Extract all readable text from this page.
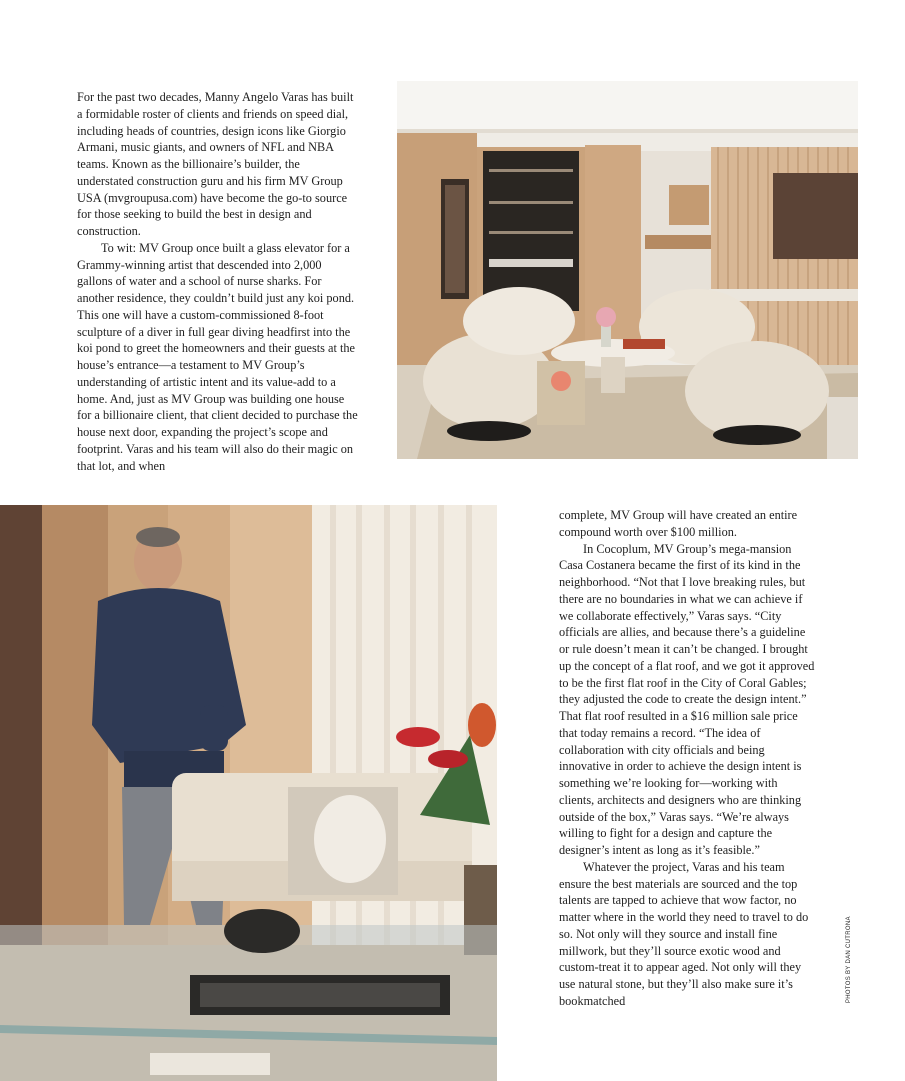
For the past two decades, Manny Angelo Varas has built a formidable roster of clients and friends on speed dial, including heads of countries, design icons like Giorgio Armani, music giants, and owners of NFL and NBA teams. Known as the billionaire’s builder, the understated construction guru and his firm MV Group USA (mvgroupusa.com) have become the go-to source for those seeking to build the best in design and construction.

To wit: MV Group once built a glass elevator for a Grammy-winning artist that descended into 2,000 gallons of water and a school of nurse sharks. For another residence, they couldn’t build just any koi pond. This one will have a custom-commissioned 8-foot sculpture of a diver in full gear diving headfirst into the koi pond to greet the homeowners and their guests at the house’s entrance—a testament to MV Group’s understanding of artistic intent and its value-add to a home. And, just as MV Group was building one house for a billionaire client, that client decided to purchase the house next door, expanding the project’s scope and footprint. Varas and his team will also do their magic on that lot, and when

complete, MV Group will have created an entire compound worth over $100 million.

In Cocoplum, MV Group’s mega-mansion Casa Costanera became the first of its kind in the neighborhood. “Not that I love breaking rules, but there are no boundaries in what we can achieve if we collaborate effectively,” Varas says. “City officials are allies, and because there’s a guideline or rule doesn’t mean it can’t be changed. I brought up the concept of a flat roof, and we got it approved to be the first flat roof in the City of Coral Gables; they adjusted the code to create the design intent.” That flat roof resulted in a $16 million sale price that today remains a record. “The idea of collaboration with city officials and being innovative in order to achieve the design intent is something we’re looking for—working with clients, architects and designers who are thinking outside of the box,” Varas says. “We’re always willing to fight for a design and capture the designer’s intent as long as it’s feasible.”

Whatever the project, Varas and his team ensure the best materials are sourced and the top talents are tapped to achieve that wow factor, no matter where in the world they need to travel to do so. Not only will they source and install fine millwork, but they’ll source exotic wood and custom-treat it to appear aged. Not only will they use natural stone, but they’ll also make sure it’s bookmatched	PHOTOS BY DAN CUTRONA
